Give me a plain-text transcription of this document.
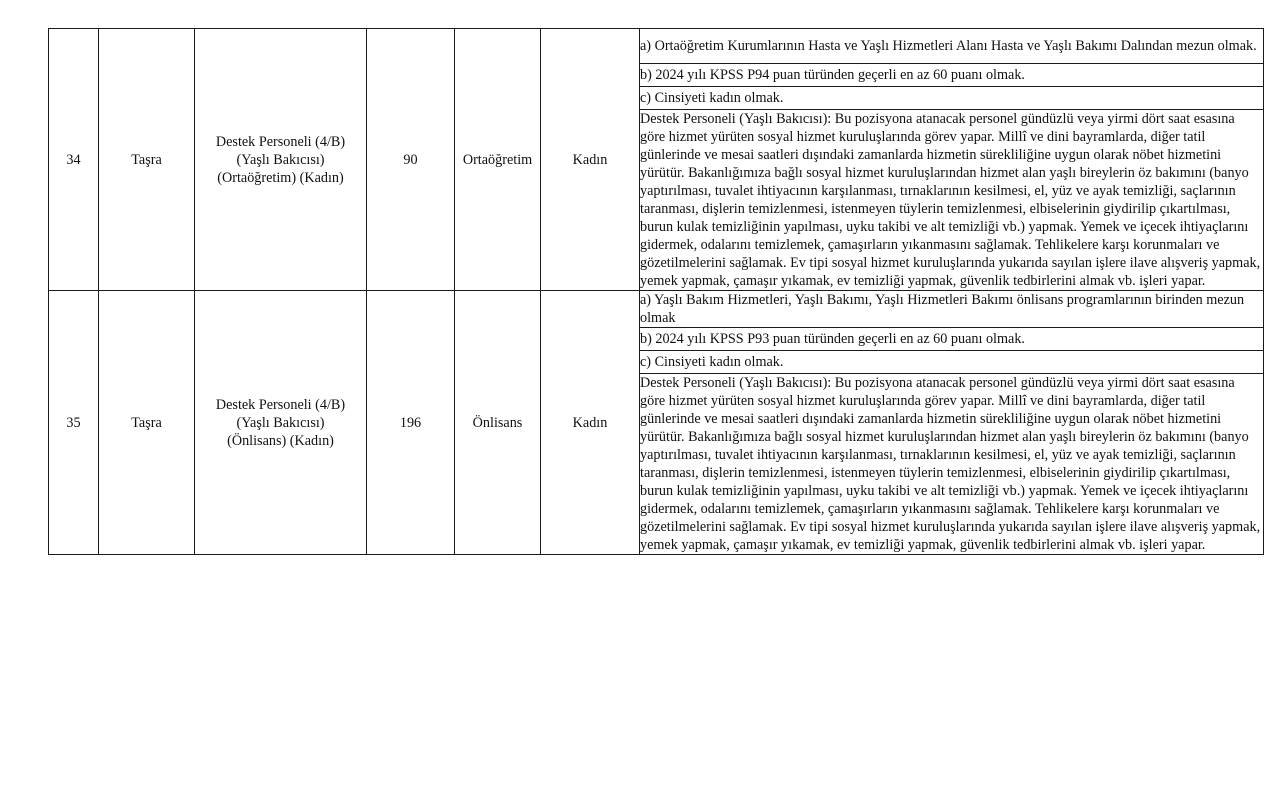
34	Taşra	Destek Personeli (4/B)
(Yaşlı Bakıcısı)
(Ortaöğretim) (Kadın)	90	Ortaöğretim	Kadın	a) Ortaöğretim Kurumlarının Hasta ve Yaşlı Hizmetleri Alanı Hasta ve Yaşlı Bakımı Dalından mezun olmak.
						b) 2024 yılı KPSS P94 puan türünden geçerli en az 60 puanı olmak.
						c) Cinsiyeti kadın olmak.

						Destek Personeli (Yaşlı Bakıcısı): Bu pozisyona atanacak personel gündüzlü veya yirmi dört saat esasına göre hizmet yürüten sosyal hizmet kuruluşlarında görev yapar. Millî ve dini bayramlarda, diğer tatil günlerinde ve mesai saatleri dışındaki zamanlarda hizmetin sürekliliğine uygun olarak nöbet hizmetini yürütür. Bakanlığımıza bağlı sosyal hizmet kuruluşlarından hizmet alan yaşlı bireylerin öz bakımını (banyo yaptırılması, tuvalet ihtiyacının karşılanması, tırnaklarının kesilmesi, el, yüz ve ayak temizliği, saçlarının taranması, dişlerin temizlenmesi, istenmeyen tüylerin temizlenmesi, elbiselerinin giydirilip çıkartılması, burun kulak temizliğinin yapılması, uyku takibi ve alt temizliği vb.) yapmak. Yemek ve içecek ihtiyaçlarını gidermek, odalarını temizlemek, çamaşırların yıkanmasını sağlamak. Tehlikelere karşı korunmaları ve gözetilmelerini sağlamak. Ev tipi sosyal hizmet kuruluşlarında yukarıda sayılan işlere ilave alışveriş yapmak, yemek yapmak, çamaşır yıkamak, ev temizliği yapmak, güvenlik tedbirlerini almak vb. işleri yapar.

35	Taşra	Destek Personeli (4/B)
(Yaşlı Bakıcısı)
(Önlisans) (Kadın)	196	Önlisans	Kadın	a) Yaşlı Bakım Hizmetleri, Yaşlı Bakımı, Yaşlı Hizmetleri Bakımı önlisans programlarının birinden mezun olmak
						b) 2024 yılı KPSS P93 puan türünden geçerli en az 60 puanı olmak.
						c) Cinsiyeti kadın olmak.

						Destek Personeli (Yaşlı Bakıcısı): Bu pozisyona atanacak personel gündüzlü veya yirmi dört saat esasına göre hizmet yürüten sosyal hizmet kuruluşlarında görev yapar. Millî ve dini bayramlarda, diğer tatil günlerinde ve mesai saatleri dışındaki zamanlarda hizmetin sürekliliğine uygun olarak nöbet hizmetini yürütür. Bakanlığımıza bağlı sosyal hizmet kuruluşlarından hizmet alan yaşlı bireylerin öz bakımını (banyo yaptırılması, tuvalet ihtiyacının karşılanması, tırnaklarının kesilmesi, el, yüz ve ayak temizliği, saçlarının taranması, dişlerin temizlenmesi, istenmeyen tüylerin temizlenmesi, elbiselerinin giydirilip çıkartılması, burun kulak temizliğinin yapılması, uyku takibi ve alt temizliği vb.) yapmak. Yemek ve içecek ihtiyaçlarını gidermek, odalarını temizlemek, çamaşırların yıkanmasını sağlamak. Tehlikelere karşı korunmaları ve gözetilmelerini sağlamak. Ev tipi sosyal hizmet kuruluşlarında yukarıda sayılan işlere ilave alışveriş yapmak, yemek yapmak, çamaşır yıkamak, ev temizliği yapmak, güvenlik tedbirlerini almak vb. işleri yapar.
